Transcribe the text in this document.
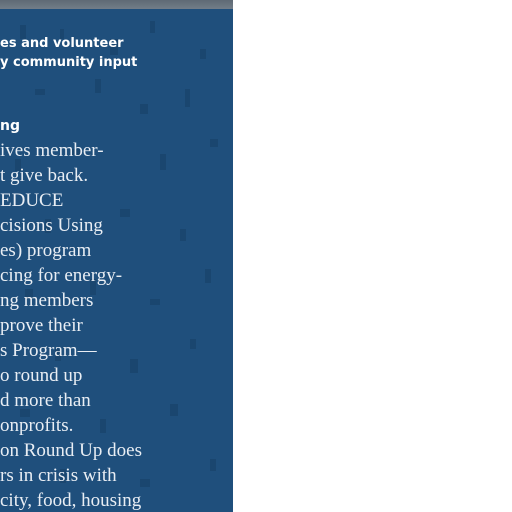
es and volunteer
y community input
ng
ives member-
t give back.
EDUCE
cisions Using
es) program
cing for energy-
ng members
prove their
s Program—
o round up
d more than
onprofits.
on Round Up does
rs in crisis with
city, food, housing
